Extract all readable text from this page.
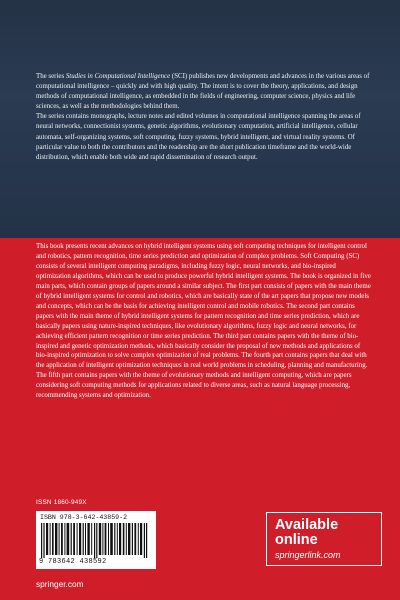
The series Studies in Computational Intelligence (SCI) publishes new developments and advances in the various areas of computational intelligence – quickly and with high quality. The intent is to cover the theory, applications, and design methods of computational intelligence, as embedded in the fields of engineering, computer science, physics and life sciences, as well as the methodologies behind them.

The series contains monographs, lecture notes and edited volumes in computational intelligence spanning the areas of neural networks, connectionist systems, genetic algorithms, evolutionary computation, artificial intelligence, cellular automata, self-organizing systems, soft computing, fuzzy systems, hybrid intelligent, and virtual reality systems. Of particular value to both the contributors and the readership are the short publication timeframe and the world-wide distribution, which enable both wide and rapid dissemination of research output.

This book presents recent advances on hybrid intelligent systems using soft computing techniques for intelligent control and robotics, pattern recognition, time series prediction and optimization of complex problems. Soft Computing (SC) consists of several intelligent computing paradigms, including fuzzy logic, neural networks, and bio-inspired optimization algorithms, which can be used to produce powerful hybrid intelligent systems. The book is organized in five main parts, which contain groups of papers around a similar subject. The first part consists of papers with the main theme of hybrid intelligent systems for control and robotics, which are basically state of the art papers that propose new models and concepts, which can be the basis for achieving intelligent control and mobile robotics. The second part contains papers with the main theme of hybrid intelligent systems for pattern recognition and time series prediction, which are basically papers using nature-inspired techniques, like evolutionary algorithms, fuzzy logic and neural networks, for achieving efficient pattern recognition or time series prediction. The third part contains papers with the theme of bio-inspired and genetic optimization methods, which basically consider the proposal of new methods and applications of bio-inspired optimization to solve complex optimization of real problems. The fourth part contains papers that deal with the application of intelligent optimization techniques in real world problems in scheduling, planning and manufacturing. The fifth part contains papers with the theme of evolutionary methods and intelligent computing, which are papers considering soft computing methods for applications related to diverse areas, such as natural language processing, recommending systems and optimization.
ISSN 1860-949X
ISBN 978-3-642-43859-2
9 783642 438592
Available
online
springerlink.com
springer.com
